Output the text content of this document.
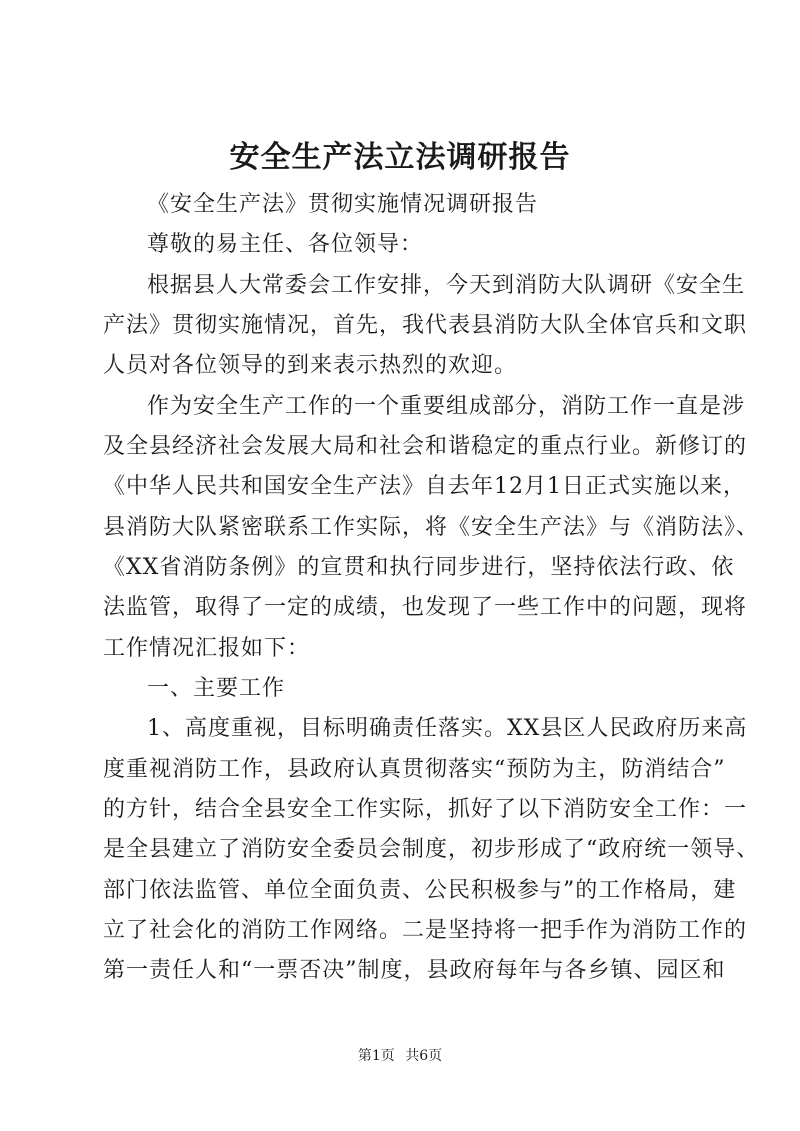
安全生产法立法调研报告
《安全生产法》贯彻实施情况调研报告
尊敬的易主任、各位领导：
根据县人大常委会工作安排，今天到消防大队调研《安全生
产法》贯彻实施情况，首先，我代表县消防大队全体官兵和文职
人员对各位领导的到来表示热烈的欢迎。
作为安全生产工作的一个重要组成部分，消防工作一直是涉
及全县经济社会发展大局和社会和谐稳定的重点行业。新修订的
《中华人民共和国安全生产法》自去年12月1日正式实施以来，
县消防大队紧密联系工作实际，将《安全生产法》与《消防法》、
《XX省消防条例》的宣贯和执行同步进行，坚持依法行政、依
法监管，取得了一定的成绩，也发现了一些工作中的问题，现将
工作情况汇报如下：
一、主要工作
1、高度重视，目标明确责任落实。XX县区人民政府历来高
度重视消防工作，县政府认真贯彻落实“预防为主，防消结合”
的方针，结合全县安全工作实际，抓好了以下消防安全工作：一
是全县建立了消防安全委员会制度，初步形成了“政府统一领导、
部门依法监管、单位全面负责、公民积极参与”的工作格局，建
立了社会化的消防工作网络。二是坚持将一把手作为消防工作的
第一责任人和“一票否决”制度，县政府每年与各乡镇、园区和
第1页 共6页
